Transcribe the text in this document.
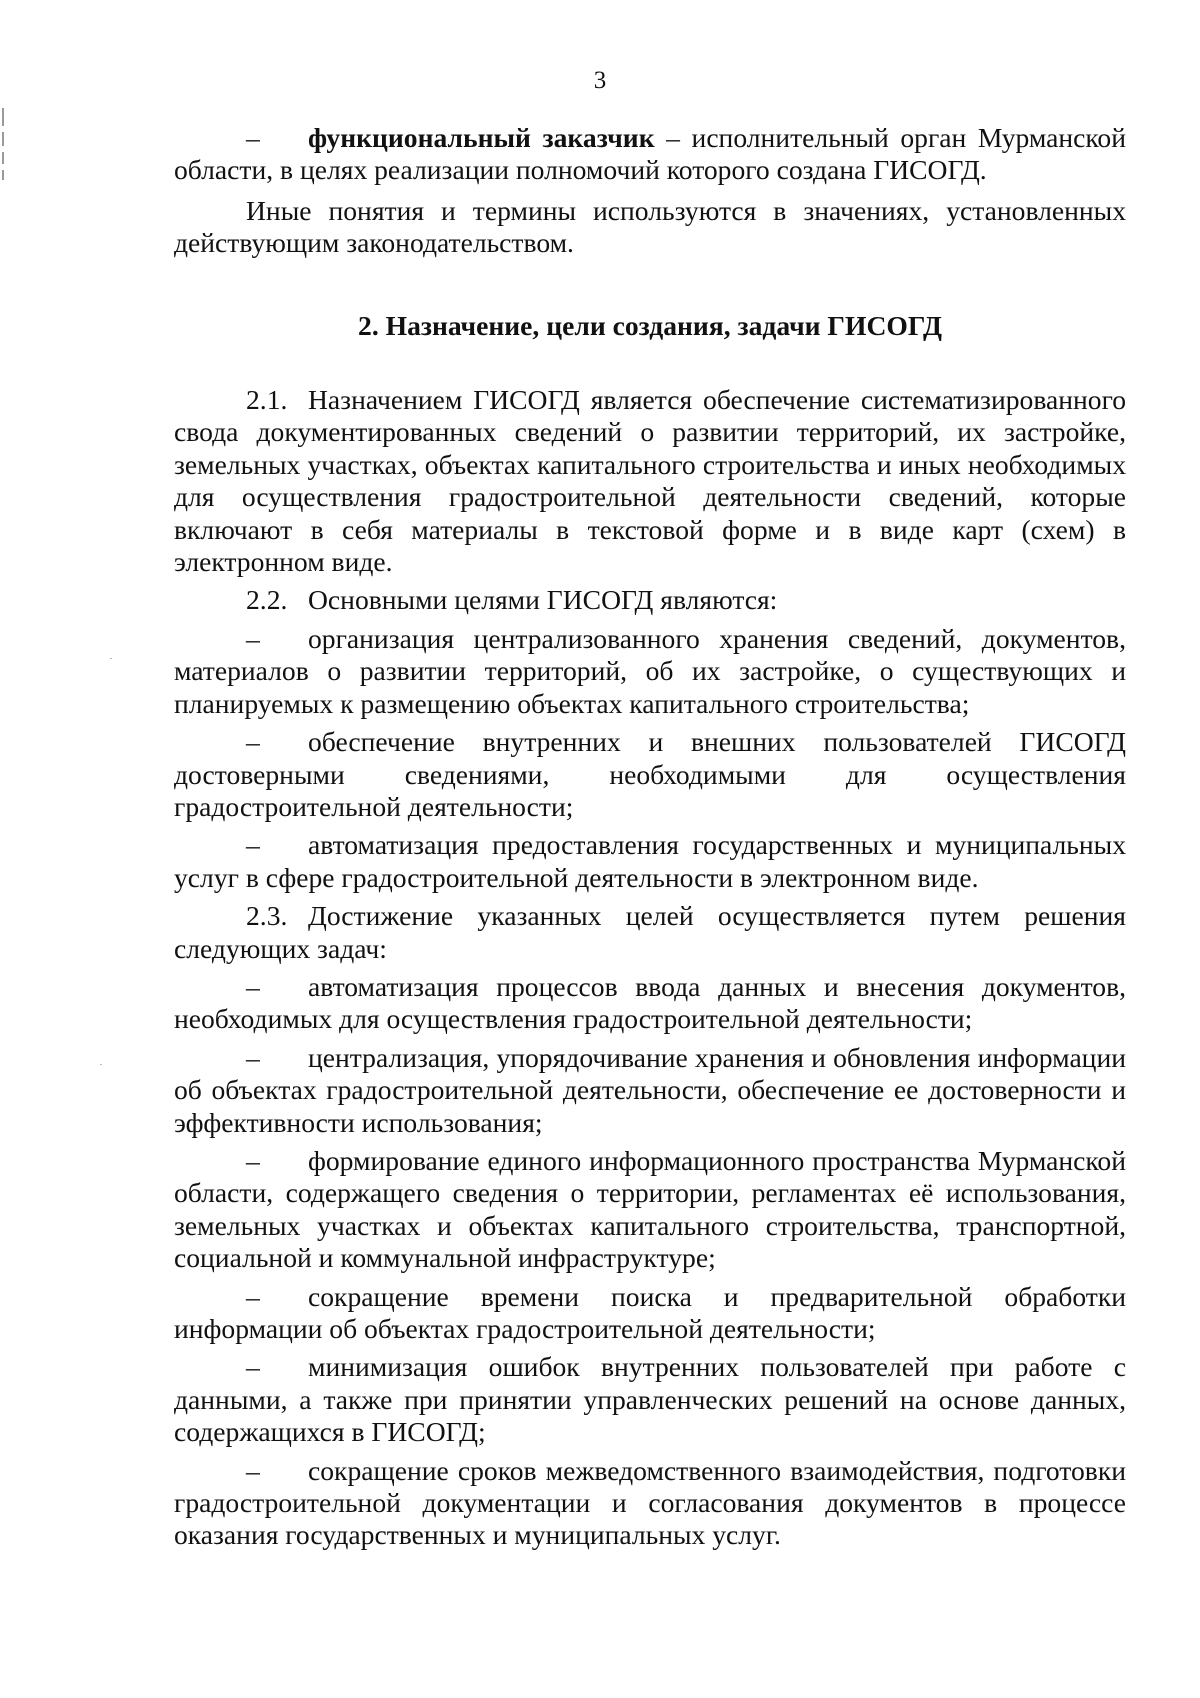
3

– функциональный заказчик – исполнительный орган Мурманской области, в целях реализации полномочий которого создана ГИСОГД.

Иные понятия и термины используются в значениях, установленных действующим законодательством.

2. Назначение, цели создания, задачи ГИСОГД

2.1. Назначением ГИСОГД является обеспечение систематизированного свода документированных сведений о развитии территорий, их застройке, земельных участках, объектах капитального строительства и иных необходимых для осуществления градостроительной деятельности сведений, которые включают в себя материалы в текстовой форме и в виде карт (схем) в электронном виде.

2.2. Основными целями ГИСОГД являются:

– организация централизованного хранения сведений, документов, материалов о развитии территорий, об их застройке, о существующих и планируемых к размещению объектах капитального строительства;

– обеспечение внутренних и внешних пользователей ГИСОГД достоверными сведениями, необходимыми для осуществления градостроительной деятельности;

– автоматизация предоставления государственных и муниципальных услуг в сфере градостроительной деятельности в электронном виде.

2.3. Достижение указанных целей осуществляется путем решения следующих задач:

– автоматизация процессов ввода данных и внесения документов, необходимых для осуществления градостроительной деятельности;

– централизация, упорядочивание хранения и обновления информации об объектах градостроительной деятельности, обеспечение ее достоверности и эффективности использования;

– формирование единого информационного пространства Мурманской области, содержащего сведения о территории, регламентах её использования, земельных участках и объектах капитального строительства, транспортной, социальной и коммунальной инфраструктуре;

– сокращение времени поиска и предварительной обработки информации об объектах градостроительной деятельности;

– минимизация ошибок внутренних пользователей при работе с данными, а также при принятии управленческих решений на основе данных, содержащихся в ГИСОГД;

– сокращение сроков межведомственного взаимодействия, подготовки градостроительной документации и согласования документов в процессе оказания государственных и муниципальных услуг.
